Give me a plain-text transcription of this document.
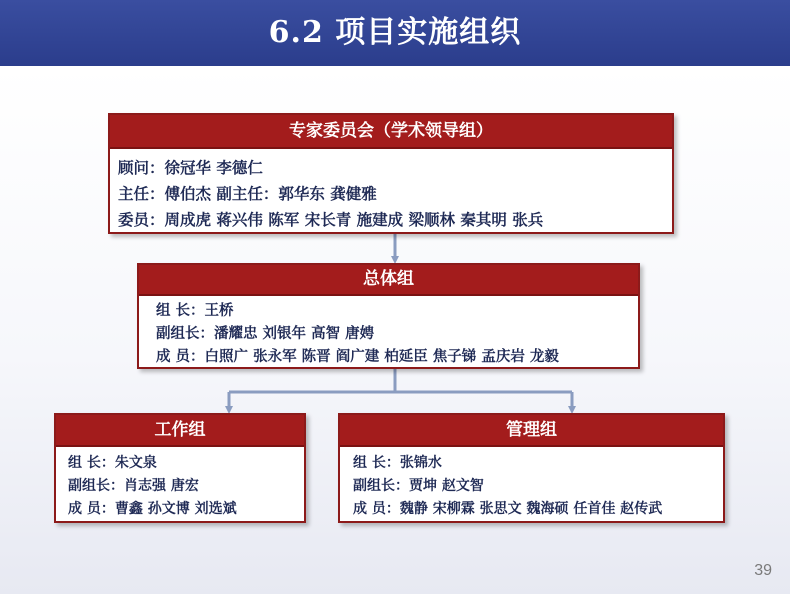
6.2 项目实施组织
专家委员会（学术领导组）
顾问：徐冠华 李德仁
主任：傅伯杰 副主任：郭华东 龚健雅
委员：周成虎 蒋兴伟 陈军 宋长青 施建成 梁顺林 秦其明 张兵
总体组
组 长：王桥
副组长：潘耀忠 刘银年 高智 唐娉
成 员：白照广 张永军 陈晋 阎广建 柏延臣 焦子锑 孟庆岩 龙毅
工作组
组 长：朱文泉
副组长：肖志强 唐宏
成 员：曹鑫 孙文博 刘选斌
管理组
组 长：张锦水
副组长：贾坤 赵文智
成 员：魏静 宋柳霖 张思文 魏海硕 任首佳 赵传武
39
